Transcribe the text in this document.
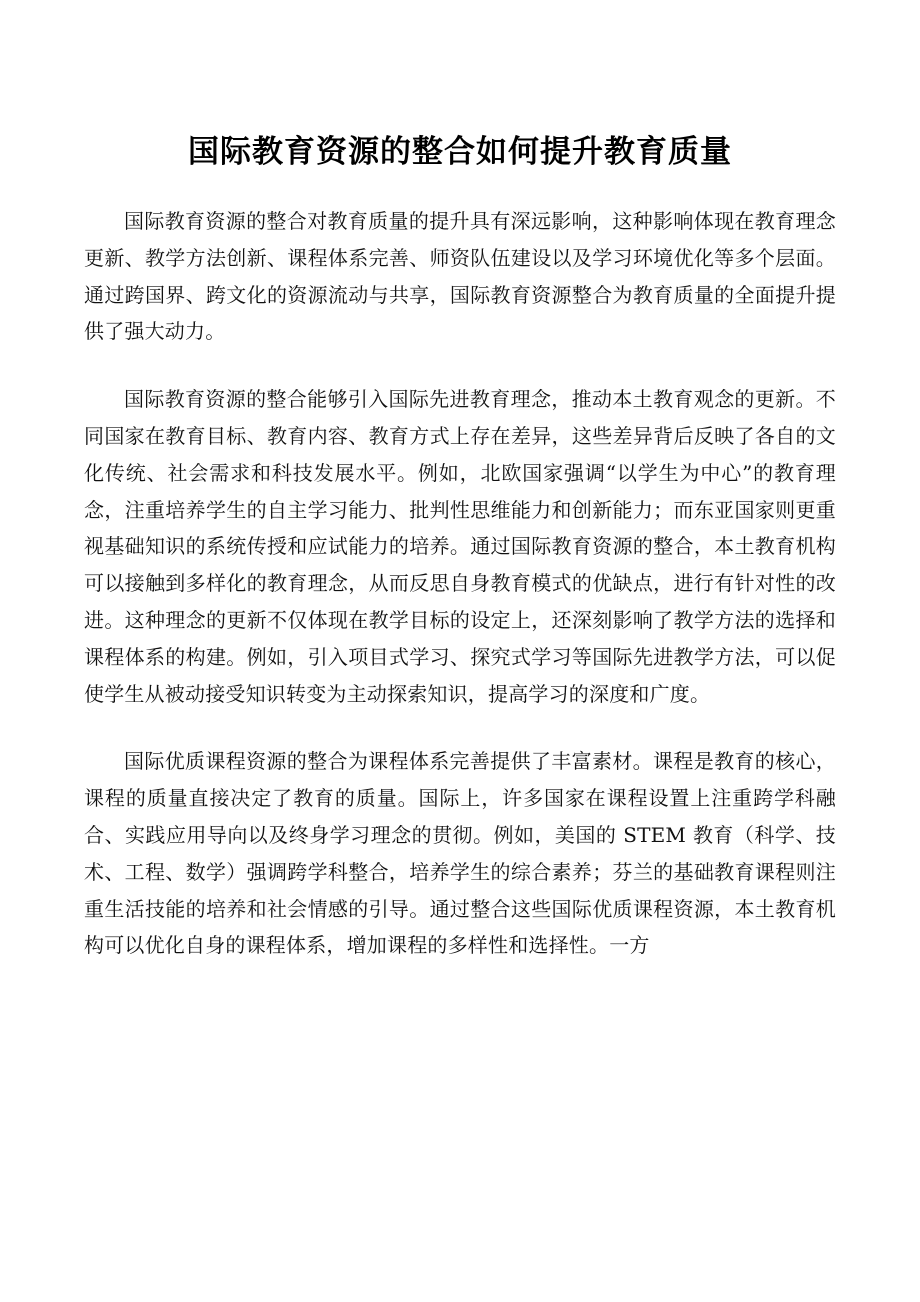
国际教育资源的整合如何提升教育质量

国际教育资源的整合对教育质量的提升具有深远影响，这种影响体现在教育理念更新、教学方法创新、课程体系完善、师资队伍建设以及学习环境优化等多个层面。通过跨国界、跨文化的资源流动与共享，国际教育资源整合为教育质量的全面提升提供了强大动力。

国际教育资源的整合能够引入国际先进教育理念，推动本土教育观念的更新。不同国家在教育目标、教育内容、教育方式上存在差异，这些差异背后反映了各自的文化传统、社会需求和科技发展水平。例如，北欧国家强调“以学生为中心”的教育理念，注重培养学生的自主学习能力、批判性思维能力和创新能力；而东亚国家则更重视基础知识的系统传授和应试能力的培养。通过国际教育资源的整合，本土教育机构可以接触到多样化的教育理念，从而反思自身教育模式的优缺点，进行有针对性的改进。这种理念的更新不仅体现在教学目标的设定上，还深刻影响了教学方法的选择和课程体系的构建。例如，引入项目式学习、探究式学习等国际先进教学方法，可以促使学生从被动接受知识转变为主动探索知识，提高学习的深度和广度。

国际优质课程资源的整合为课程体系完善提供了丰富素材。课程是教育的核心，课程的质量直接决定了教育的质量。国际上，许多国家在课程设置上注重跨学科融合、实践应用导向以及终身学习理念的贯彻。例如，美国的 STEM 教育（科学、技术、工程、数学）强调跨学科整合，培养学生的综合素养；芬兰的基础教育课程则注重生活技能的培养和社会情感的引导。通过整合这些国际优质课程资源，本土教育机构可以优化自身的课程体系，增加课程的多样性和选择性。一方
